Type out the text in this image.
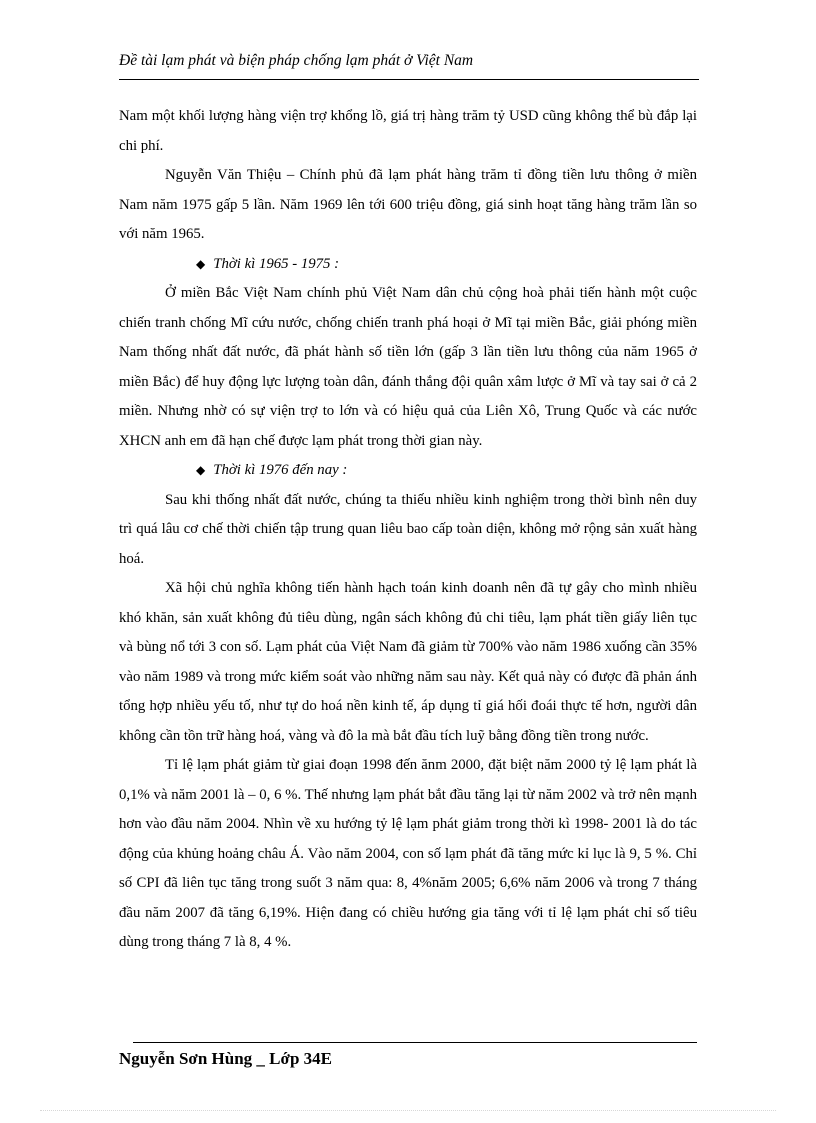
Đề tài lạm phát và biện pháp chống lạm phát ở Việt Nam

Nam một khối lượng hàng viện trợ khổng lồ, giá trị hàng trăm tỷ USD cũng không thể bù đắp lại chi phí.

Nguyễn Văn Thiệu – Chính phủ đã lạm phát hàng trăm tỉ đồng tiền lưu thông ở miền Nam năm 1975 gấp 5 lần. Năm 1969 lên tới 600 triệu đồng, giá sinh hoạt tăng hàng trăm lần so với năm 1965.

◆ Thời kì 1965 - 1975 :

Ở miền Bắc Việt Nam chính phủ Việt Nam dân chủ cộng hoà phải tiến hành một cuộc chiến tranh chống Mĩ cứu nước, chống chiến tranh phá hoại ở Mĩ tại miền Bắc, giải phóng miền Nam thống nhất đất nước, đã phát hành số tiền lớn (gấp 3 lần tiền lưu thông của năm 1965 ở miền Bắc) để huy động lực lượng toàn dân, đánh thắng đội quân xâm lược ở Mĩ và tay sai ở cả 2 miền. Nhưng nhờ có sự viện trợ to lớn và có hiệu quả của Liên Xô, Trung Quốc và các nước XHCN anh em đã hạn chế được lạm phát trong thời gian này.

◆ Thời kì 1976 đến nay :

Sau khi thống nhất đất nước, chúng ta thiếu nhiều kinh nghiệm trong thời bình nên duy trì quá lâu cơ chế thời chiến tập trung quan liêu bao cấp toàn diện, không mở rộng sản xuất hàng hoá.

Xã hội chủ nghĩa không tiến hành hạch toán kinh doanh nên đã tự gây cho mình nhiều khó khăn, sản xuất không đủ tiêu dùng, ngân sách không đủ chi tiêu, lạm phát tiền giấy liên tục và bùng nổ tới 3 con số. Lạm phát của Việt Nam đã giảm từ 700% vào năm 1986 xuống cần 35% vào năm 1989 và trong mức kiểm soát vào những năm sau này. Kết quả này có được đã phản ánh tổng hợp nhiều yếu tố, như tự do hoá nền kinh tế, áp dụng tỉ giá hối đoái thực tế hơn, người dân không cần tồn trữ hàng hoá, vàng và đô la mà bắt đầu tích luỹ bằng đồng tiền trong nước.

Tỉ lệ lạm phát giảm từ giai đoạn 1998 đến ănm 2000, đặt biệt năm 2000 tỷ lệ lạm phát là 0,1% và năm 2001 là – 0, 6 %. Thế nhưng lạm phát bắt đầu tăng lại từ năm 2002 và trở nên mạnh hơn vào đầu năm 2004. Nhìn về xu hướng tỷ lệ lạm phát giảm trong thời kì 1998- 2001 là do tác động của khủng hoảng châu Á. Vào năm 2004, con số lạm phát đã tăng mức kỉ lục là 9, 5 %. Chỉ số CPI đã liên tục tăng trong suốt 3 năm qua: 8, 4%năm 2005; 6,6% năm 2006 và trong 7 tháng đầu năm 2007 đã tăng 6,19%. Hiện đang có chiều hướng gia tăng với tỉ lệ lạm phát chỉ số tiêu dùng trong tháng 7 là 8, 4 %.

Nguyễn Sơn Hùng _ Lớp 34E
